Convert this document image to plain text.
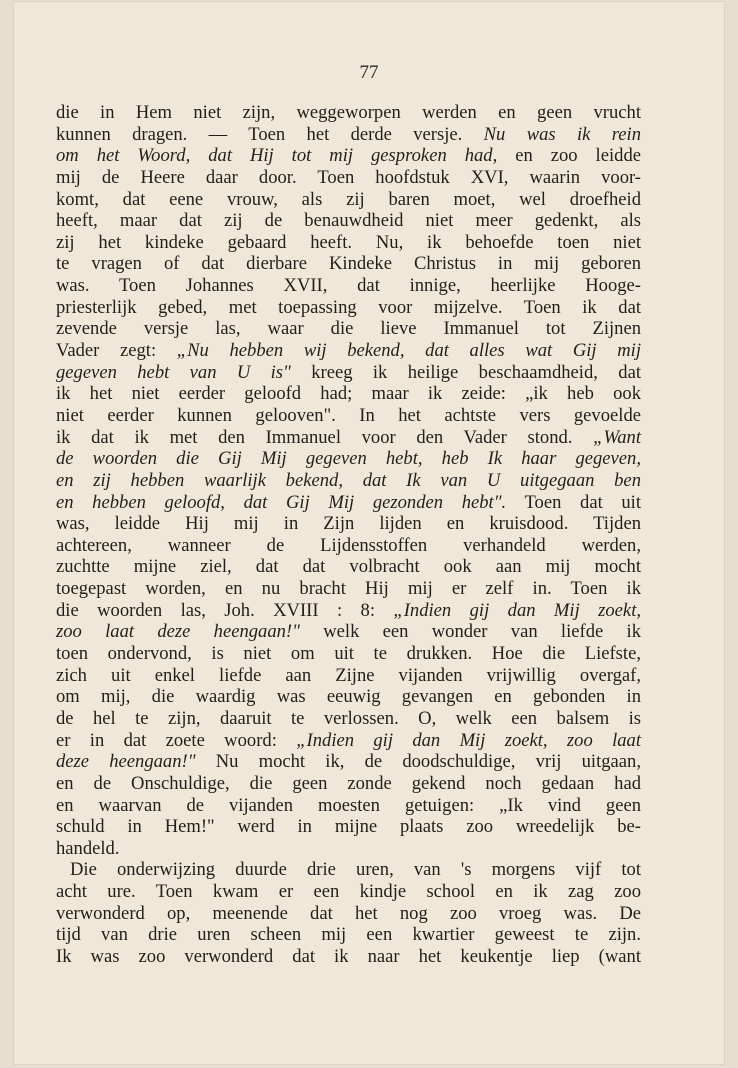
77
die in Hem niet zijn, weggeworpen werden en geen vrucht
kunnen dragen. — Toen het derde versje. Nu was ik rein
om het Woord, dat Hij tot mij gesproken had, en zoo leidde
mij de Heere daar door. Toen hoofdstuk XVI, waarin voor-
komt, dat eene vrouw, als zij baren moet, wel droefheid
heeft, maar dat zij de benauwdheid niet meer gedenkt, als
zij het kindeke gebaard heeft. Nu, ik behoefde toen niet
te vragen of dat dierbare Kindeke Christus in mij geboren
was. Toen Johannes XVII, dat innige, heerlijke Hooge-
priesterlijk gebed, met toepassing voor mijzelve. Toen ik dat
zevende versje las, waar die lieve Immanuel tot Zijnen
Vader zegt: „Nu hebben wij bekend, dat alles wat Gij mij
gegeven hebt van U is" kreeg ik heilige beschaamdheid, dat
ik het niet eerder geloofd had; maar ik zeide: „ik heb ook
niet eerder kunnen gelooven". In het achtste vers gevoelde
ik dat ik met den Immanuel voor den Vader stond. „Want
de woorden die Gij Mij gegeven hebt, heb Ik haar gegeven,
en zij hebben waarlijk bekend, dat Ik van U uitgegaan ben
en hebben geloofd, dat Gij Mij gezonden hebt". Toen dat uit
was, leidde Hij mij in Zijn lijden en kruisdood. Tijden
achtereen, wanneer de Lijdensstoffen verhandeld werden,
zuchtte mijne ziel, dat dat volbracht ook aan mij mocht
toegepast worden, en nu bracht Hij mij er zelf in. Toen ik
die woorden las, Joh. XVIII : 8: „Indien gij dan Mij zoekt,
zoo laat deze heengaan!" welk een wonder van liefde ik
toen ondervond, is niet om uit te drukken. Hoe die Liefste,
zich uit enkel liefde aan Zijne vijanden vrijwillig overgaf,
om mij, die waardig was eeuwig gevangen en gebonden in
de hel te zijn, daaruit te verlossen. O, welk een balsem is
er in dat zoete woord: „Indien gij dan Mij zoekt, zoo laat
deze heengaan!" Nu mocht ik, de doodschuldige, vrij uitgaan,
en de Onschuldige, die geen zonde gekend noch gedaan had
en waarvan de vijanden moesten getuigen: „Ik vind geen
schuld in Hem!" werd in mijne plaats zoo wreedelijk be-
handeld.
Die onderwijzing duurde drie uren, van 's morgens vijf tot
acht ure. Toen kwam er een kindje school en ik zag zoo
verwonderd op, meenende dat het nog zoo vroeg was. De
tijd van drie uren scheen mij een kwartier geweest te zijn.
Ik was zoo verwonderd dat ik naar het keukentje liep (want
